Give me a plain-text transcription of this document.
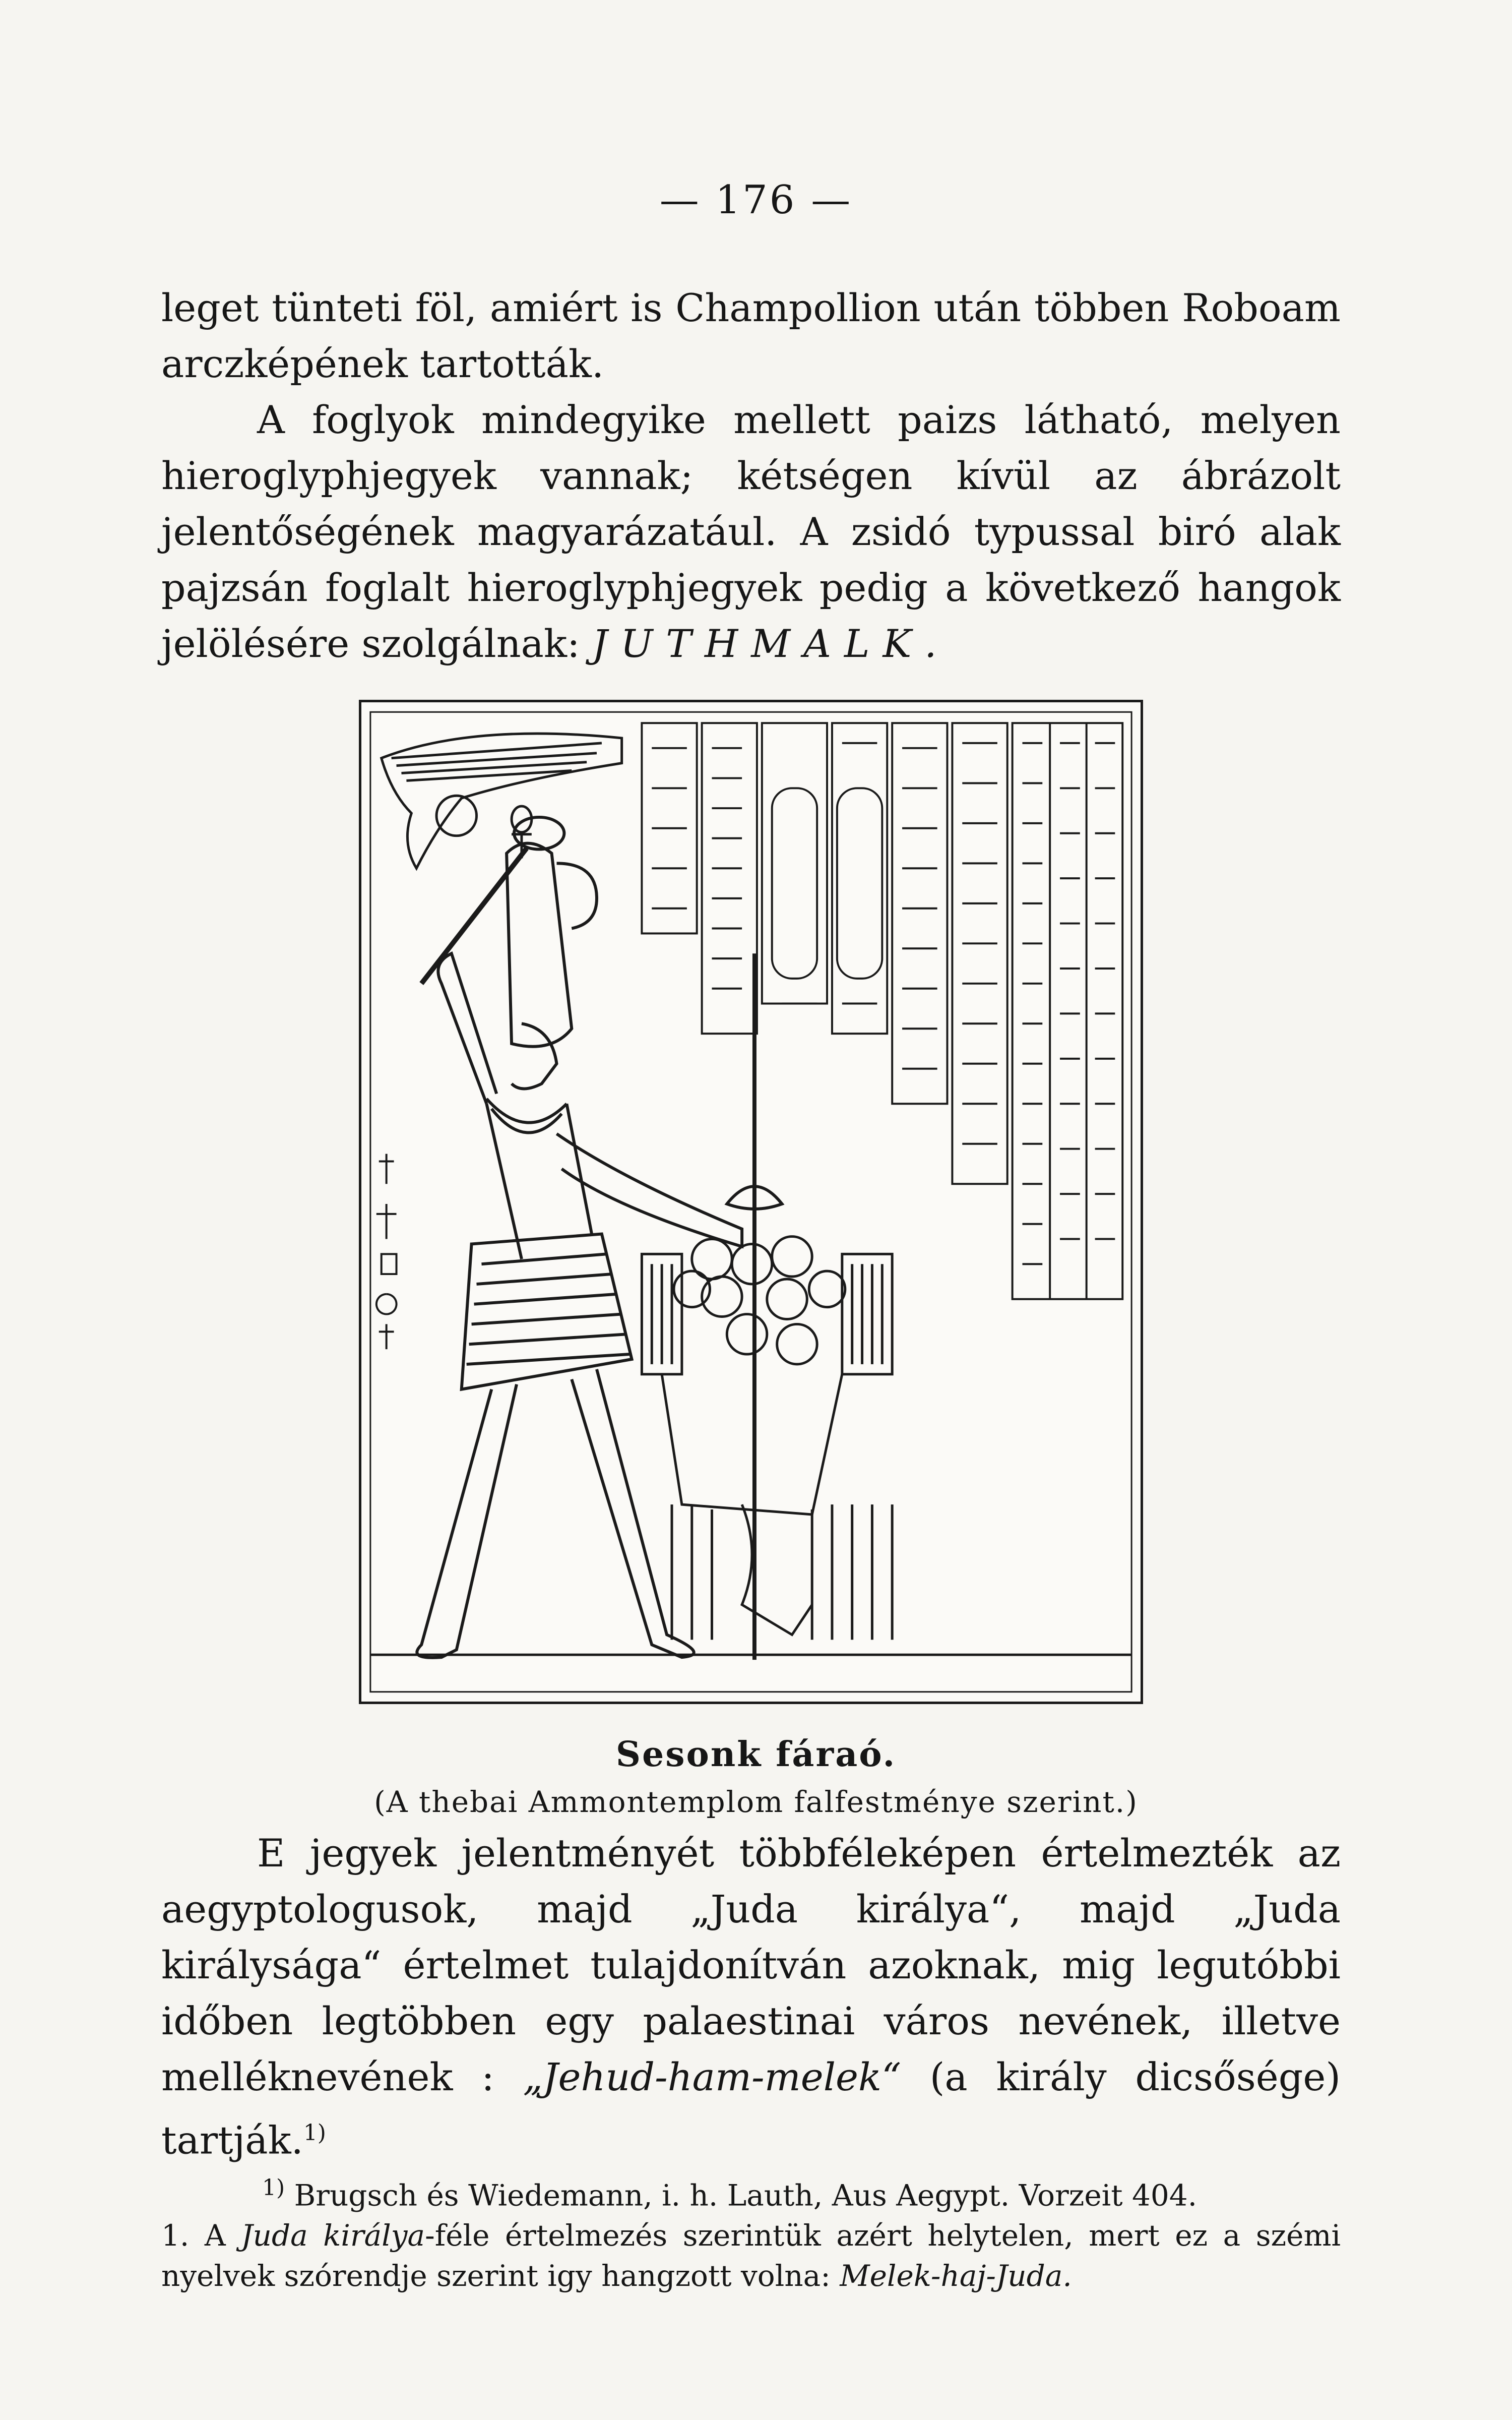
— 176 —

leget tünteti föl, amiért is Champollion után többen Roboam arczképének tartották.

A foglyok mindegyike mellett paizs látható, melyen hieroglyphjegyek vannak; kétségen kívül az ábrázolt jelentőségének magyarázatául. A zsidó typussal biró alak pajzsán foglalt hieroglyphjegyek pedig a következő hangok jelölésére szolgálnak: JUTHMALK.

Sesonk fáraó.
(A thebai Ammontemplom falfestménye szerint.)

E jegyek jelentményét többféleképen értelmezték az aegyptologusok, majd „Juda királya“, majd „Juda királysága“ értelmet tulajdonítván azoknak, mig legutóbbi időben legtöbben egy palaestinai város nevének, illetve melléknevének : „Jehud-ham-melek“ (a király dicsősége) tartják.$^{1)}$

$^{1)}$ Brugsch és Wiedemann, i. h. Lauth, Aus Aegypt. Vorzeit 404.

1. A Juda királya-féle értelmezés szerintük azért helytelen, mert ez a szémi nyelvek szórendje szerint igy hangzott volna: Melek-haj-Juda.
